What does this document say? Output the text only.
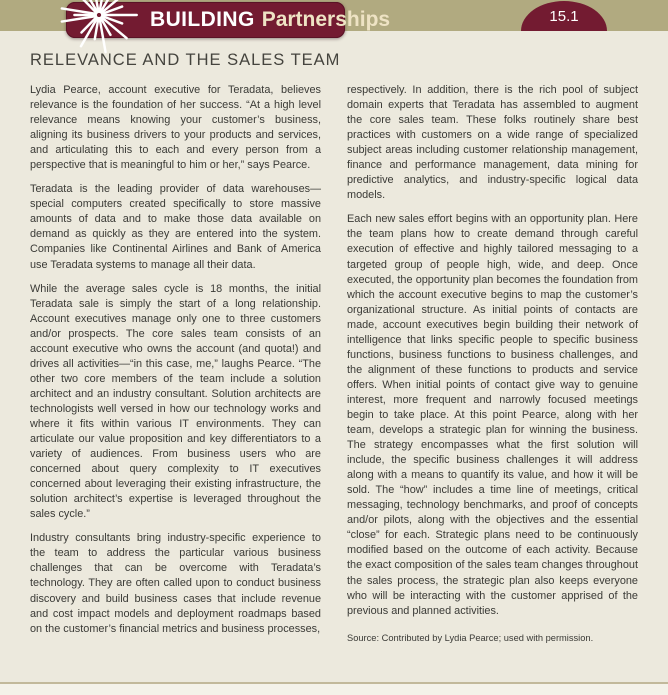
BUILDING Partnerships	15.1
RELEVANCE AND THE SALES TEAM

Lydia Pearce, account executive for Teradata, believes relevance is the foundation of her success. “At a high level relevance means knowing your customer’s business, aligning its business drivers to your products and services, and articulating this to each and every person from a perspective that is meaningful to him or her,” says Pearce.

Teradata is the leading provider of data warehouses—special computers created specifically to store massive amounts of data and to make those data available on demand as quickly as they are entered into the system. Companies like Continental Airlines and Bank of America use Teradata systems to manage all their data.

While the average sales cycle is 18 months, the initial Teradata sale is simply the start of a long relationship. Account executives manage only one to three customers and/or prospects. The core sales team consists of an account executive who owns the account (and quota!) and drives all activities—“in this case, me,” laughs Pearce. “The other two core members of the team include a solution architect and an industry consultant. Solution architects are technologists well versed in how our technology works and where it fits within various IT environments. They can articulate our value proposition and key differentiators to a variety of audiences. From business users who are concerned about query complexity to IT executives concerned about leveraging their existing infrastructure, the solution architect’s expertise is leveraged throughout the sales cycle.”

Industry consultants bring industry-specific experience to the team to address the particular various business challenges that can be overcome with Teradata’s technology. They are often called upon to conduct business discovery and build business cases that include revenue and cost impact models and deployment roadmaps based on the customer’s financial metrics and business processes,

respectively. In addition, there is the rich pool of subject domain experts that Teradata has assembled to augment the core sales team. These folks routinely share best practices with customers on a wide range of specialized subject areas including customer relationship management, finance and performance management, data mining for predictive analytics, and industry-specific logical data models.

Each new sales effort begins with an opportunity plan. Here the team plans how to create demand through careful execution of effective and highly tailored messaging to a targeted group of people high, wide, and deep. Once executed, the opportunity plan becomes the foundation from which the account executive begins to map the customer’s organizational structure. As initial points of contacts are made, account executives begin building their network of intelligence that links specific people to specific business functions, business functions to business challenges, and the alignment of these functions to products and service offers. When initial points of contact give way to genuine interest, more frequent and narrowly focused meetings begin to take place. At this point Pearce, along with her team, develops a strategic plan for winning the business. The strategy encompasses what the first solution will include, the specific business challenges it will address along with a means to quantify its value, and how it will be sold. The “how” includes a time line of meetings, critical messaging, technology benchmarks, and proof of concepts and/or pilots, along with the objectives and the essential “close” for each. Strategic plans need to be continuously modified based on the outcome of each activity. Because the exact composition of the sales team changes throughout the sales process, the strategic plan also keeps everyone who will be interacting with the customer apprised of the previous and planned activities.

Source: Contributed by Lydia Pearce; used with permission.
